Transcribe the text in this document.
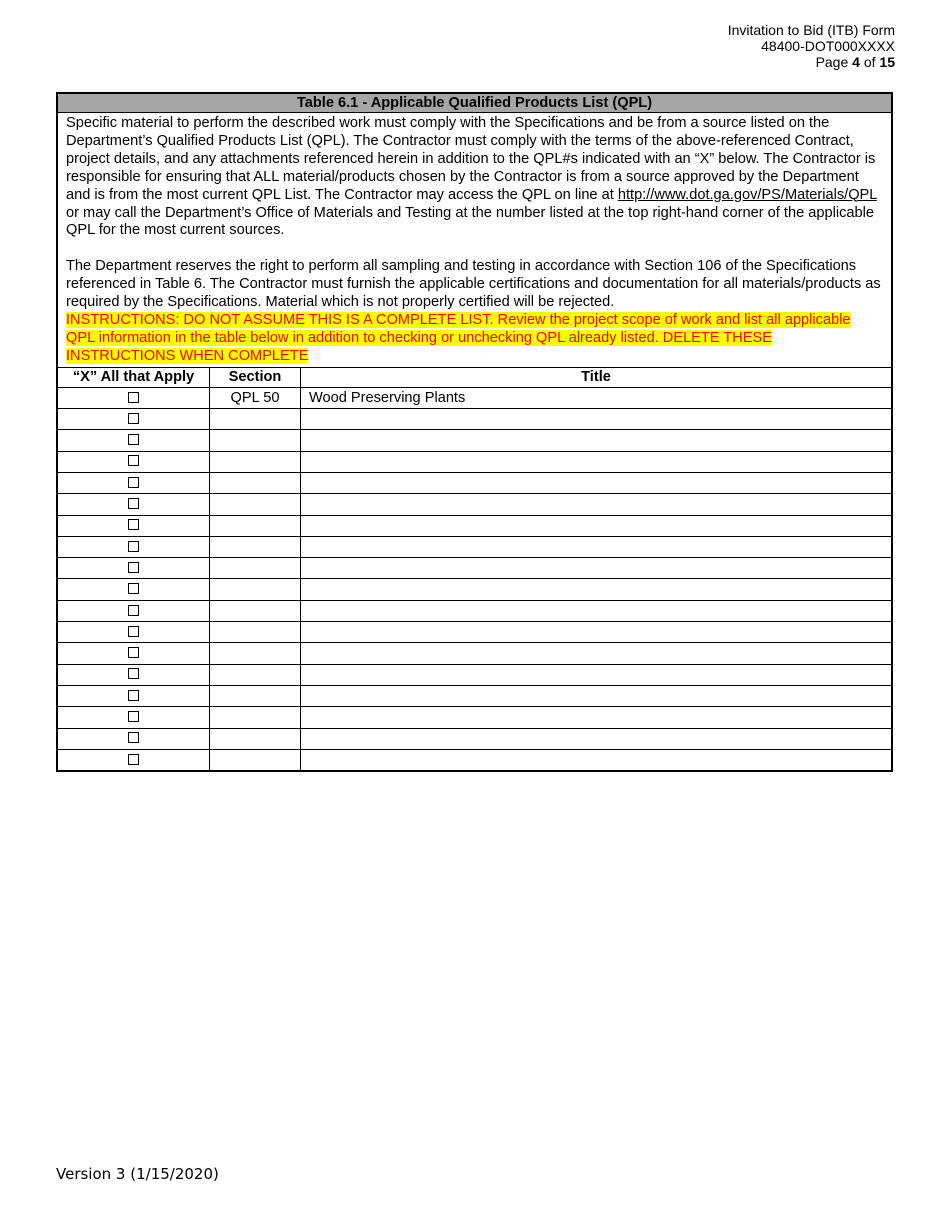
Invitation to Bid (ITB) Form
48400-DOT000XXXX
Page 4 of 15
Table 6.1 - Applicable Qualified Products List (QPL)		

Specific material to perform the described work must comply with the Specifications and be from a source listed on the Department’s Qualified Products List (QPL). The Contractor must comply with the terms of the above-referenced Contract, project details, and any attachments referenced herein in addition to the QPL#s indicated with an “X” below. The Contractor is responsible for ensuring that ALL material/products chosen by the Contractor is from a source approved by the Department and is from the most current QPL List. The Contractor may access the QPL on line at http://www.dot.ga.gov/PS/Materials/QPL or may call the Department’s Office of Materials and Testing at the number listed at the top right-hand corner of the applicable QPL for the most current sources.

The Department reserves the right to perform all sampling and testing in accordance with Section 106 of the Specifications referenced in Table 6. The Contractor must furnish the applicable certifications and documentation for all materials/products as required by the Specifications. Material which is not properly certified will be rejected.

INSTRUCTIONS: DO NOT ASSUME THIS IS A COMPLETE LIST. Review the project scope of work and list all applicable QPL information in the table below in addition to checking or unchecking QPL already listed. DELETE THESE INSTRUCTIONS WHEN COMPLETE		

“X” All that Apply	Section	Title
	QPL 50	Wood Preserving Plants

Version 3 (1/15/2020)
